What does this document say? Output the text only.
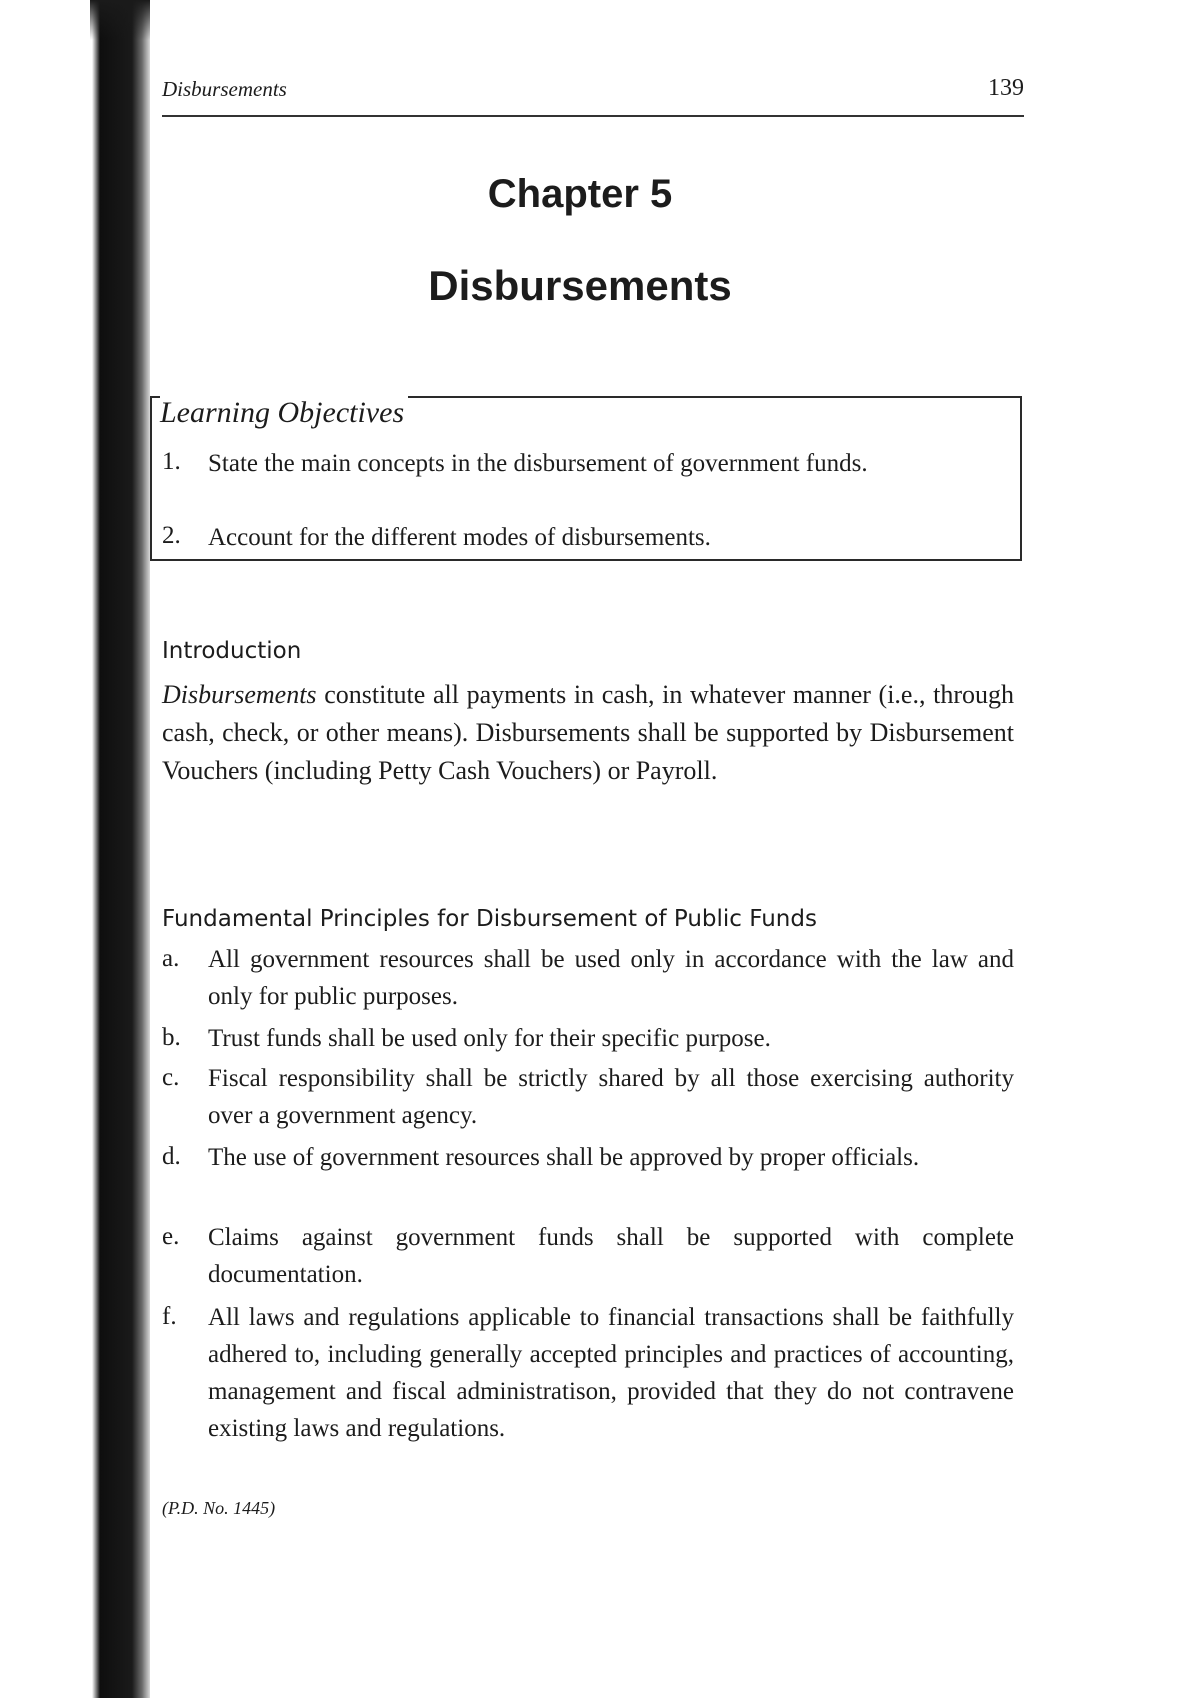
Disbursements	139
Chapter 5
Disbursements
Learning Objectives
1.	State the main concepts in the disbursement of government funds.
2.	Account for the different modes of disbursements.
Introduction
Disbursements constitute all payments in cash, in whatever manner (i.e., through cash, check, or other means). Disbursements shall be supported by Disbursement Vouchers (including Petty Cash Vouchers) or Payroll.
Fundamental Principles for Disbursement of Public Funds
a.	All government resources shall be used only in accordance with the law and only for public purposes.
b.	Trust funds shall be used only for their specific purpose.
c.	Fiscal responsibility shall be strictly shared by all those exercising authority over a government agency.
d.	The use of government resources shall be approved by proper officials.
e.	Claims against government funds shall be supported with complete documentation.
f.	All laws and regulations applicable to financial transactions shall be faithfully adhered to, including generally accepted principles and practices of accounting, management and fiscal administratison, provided that they do not contravene existing laws and regulations.
(P.D. No. 1445)
